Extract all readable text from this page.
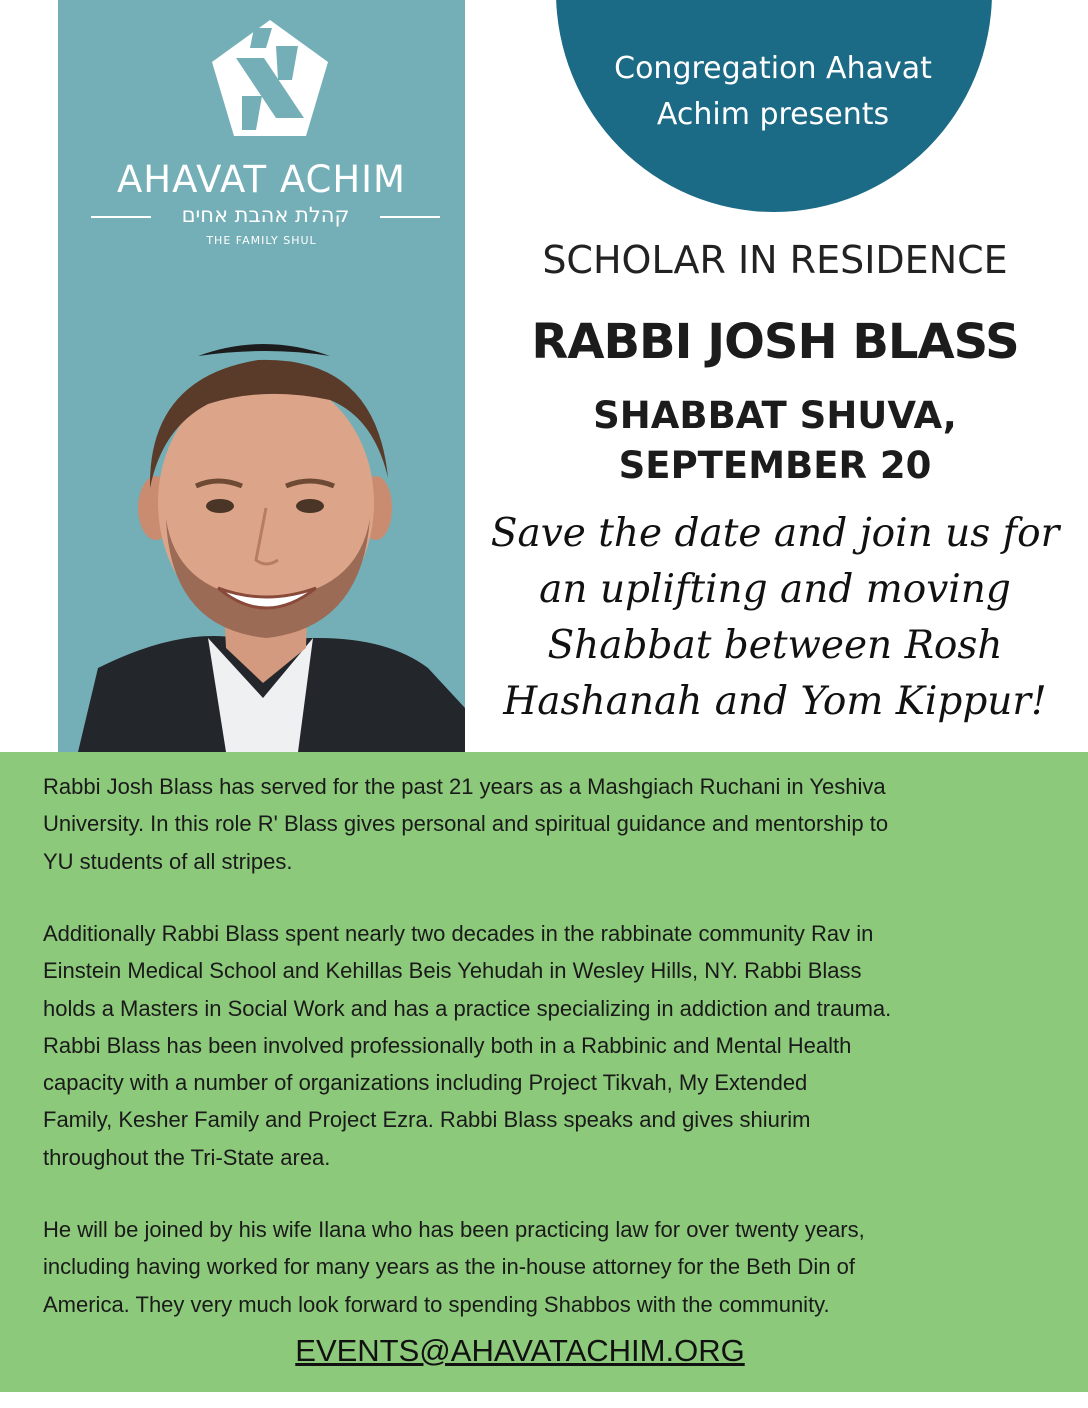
AHAVAT ACHIM
קהלת אהבת אחים
THE FAMILY SHUL
Congregation Ahavat
Achim presents
SCHOLAR IN RESIDENCE
RABBI JOSH BLASS
SHABBAT SHUVA,
SEPTEMBER 20
Save the date and join us for
an uplifting and moving
Shabbat between Rosh
Hashanah and Yom Kippur!
Rabbi Josh Blass has served for the past 21 years as a Mashgiach Ruchani in Yeshiva
University. In this role R' Blass gives personal and spiritual guidance and mentorship to
YU students of all stripes.
Additionally Rabbi Blass spent nearly two decades in the rabbinate community Rav in
Einstein Medical School and Kehillas Beis Yehudah in Wesley Hills, NY. Rabbi Blass
holds a Masters in Social Work and has a practice specializing in addiction and trauma.
Rabbi Blass has been involved professionally both in a Rabbinic and Mental Health
capacity with a number of organizations including Project Tikvah, My Extended
Family, Kesher Family and Project Ezra. Rabbi Blass speaks and gives shiurim
throughout the Tri-State area.
He will be joined by his wife Ilana who has been practicing law for over twenty years,
including having worked for many years as the in-house attorney for the Beth Din of
America. They very much look forward to spending Shabbos with the community.
EVENTS@AHAVATACHIM.ORG
